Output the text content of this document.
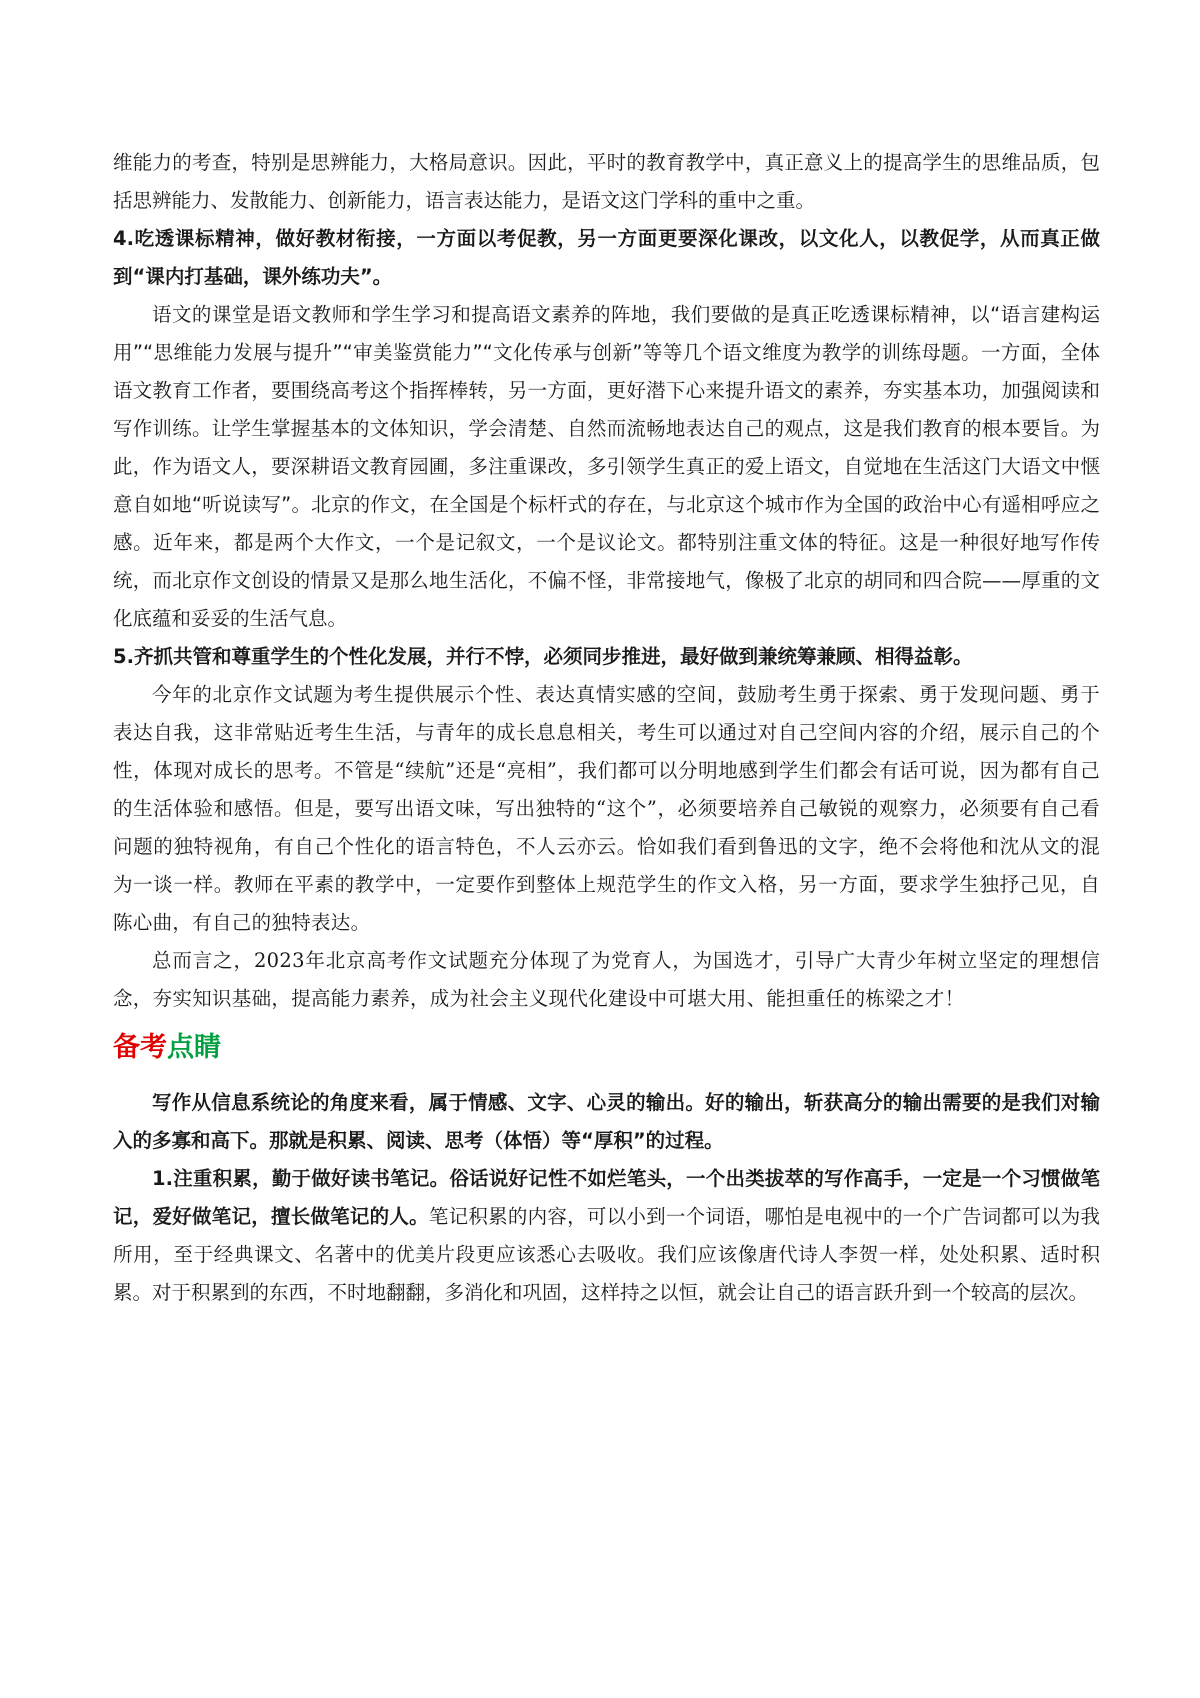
维能力的考查，特别是思辨能力，大格局意识。因此，平时的教育教学中，真正意义上的提高学生的思维品质，包括思辨能力、发散能力、创新能力，语言表达能力，是语文这门学科的重中之重。

4.吃透课标精神，做好教材衔接，一方面以考促教，另一方面更要深化课改，以文化人，以教促学，从而真正做到“课内打基础，课外练功夫”。

语文的课堂是语文教师和学生学习和提高语文素养的阵地，我们要做的是真正吃透课标精神，以“语言建构运用”“思维能力发展与提升”“审美鉴赏能力”“文化传承与创新”等等几个语文维度为教学的训练母题。一方面，全体语文教育工作者，要围绕高考这个指挥棒转，另一方面，更好潜下心来提升语文的素养，夯实基本功，加强阅读和写作训练。让学生掌握基本的文体知识，学会清楚、自然而流畅地表达自己的观点，这是我们教育的根本要旨。为此，作为语文人，要深耕语文教育园圃，多注重课改，多引领学生真正的爱上语文，自觉地在生活这门大语文中惬意自如地“听说读写”。北京的作文，在全国是个标杆式的存在，与北京这个城市作为全国的政治中心有遥相呼应之感。近年来，都是两个大作文，一个是记叙文，一个是议论文。都特别注重文体的特征。这是一种很好地写作传统，而北京作文创设的情景又是那么地生活化，不偏不怪，非常接地气，像极了北京的胡同和四合院——厚重的文化底蕴和妥妥的生活气息。

5.齐抓共管和尊重学生的个性化发展，并行不悖，必须同步推进，最好做到兼统筹兼顾、相得益彰。

今年的北京作文试题为考生提供展示个性、表达真情实感的空间，鼓励考生勇于探索、勇于发现问题、勇于表达自我，这非常贴近考生生活，与青年的成长息息相关，考生可以通过对自己空间内容的介绍，展示自己的个性，体现对成长的思考。不管是“续航”还是“亮相”，我们都可以分明地感到学生们都会有话可说，因为都有自己的生活体验和感悟。但是，要写出语文味，写出独特的“这个”，必须要培养自己敏锐的观察力，必须要有自己看问题的独特视角，有自己个性化的语言特色，不人云亦云。恰如我们看到鲁迅的文字，绝不会将他和沈从文的混为一谈一样。教师在平素的教学中，一定要作到整体上规范学生的作文入格，另一方面，要求学生独抒己见，自陈心曲，有自己的独特表达。

总而言之，2023年北京高考作文试题充分体现了为党育人，为国选才，引导广大青少年树立坚定的理想信念，夯实知识基础，提高能力素养，成为社会主义现代化建设中可堪大用、能担重任的栋梁之才！

备考点睛

写作从信息系统论的角度来看，属于情感、文字、心灵的输出。好的输出，斩获高分的输出需要的是我们对输入的多寡和高下。那就是积累、阅读、思考（体悟）等“厚积”的过程。

1.注重积累，勤于做好读书笔记。俗话说好记性不如烂笔头，一个出类拔萃的写作高手，一定是一个习惯做笔记，爱好做笔记，擅长做笔记的人。笔记积累的内容，可以小到一个词语，哪怕是电视中的一个广告词都可以为我所用，至于经典课文、名著中的优美片段更应该悉心去吸收。我们应该像唐代诗人李贺一样，处处积累、适时积累。对于积累到的东西，不时地翻翻，多消化和巩固，这样持之以恒，就会让自己的语言跃升到一个较高的层次。
